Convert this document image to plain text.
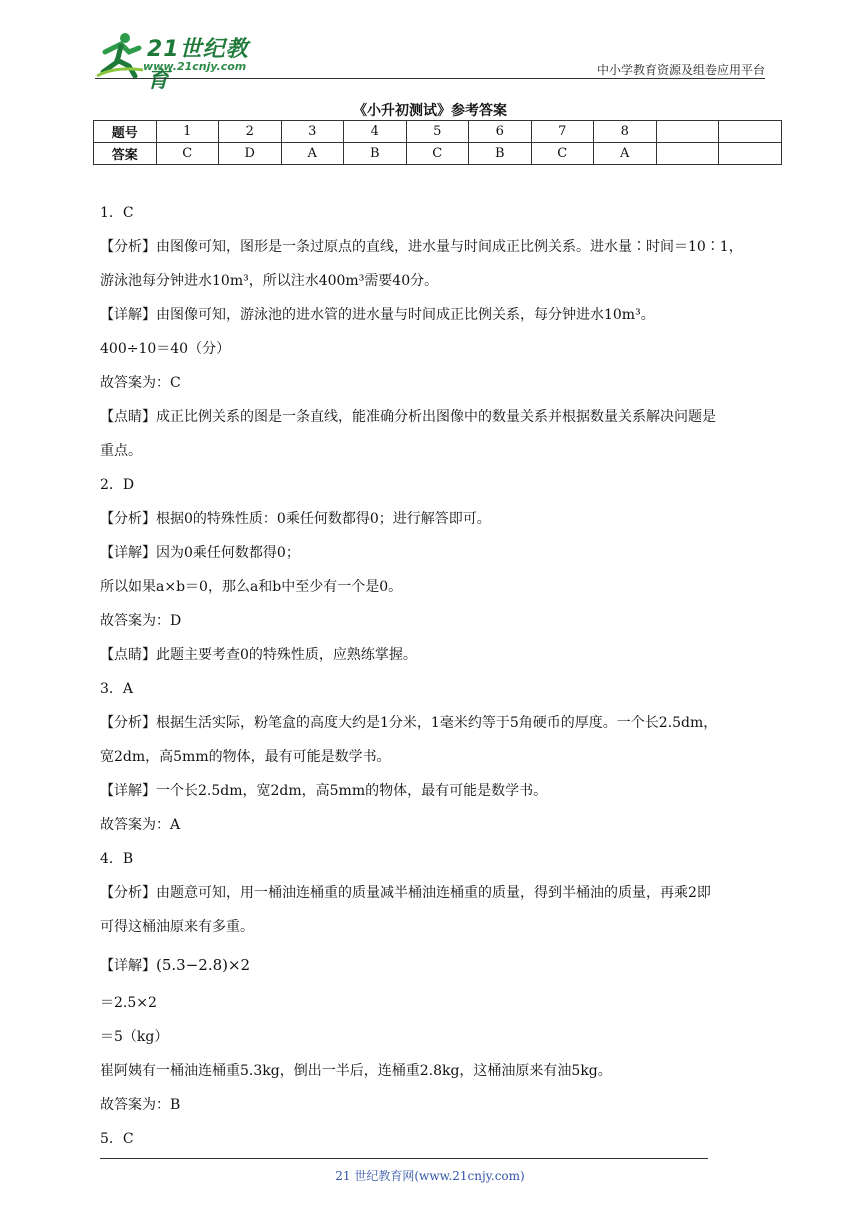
21世纪教育
www.21cnjy.com	中小学教育资源及组卷应用平台
《小升初测试》参考答案
题号	1	2	3	4	5	6	7	8		
答案	C	D	A	B	C	B	C	A		

1．C

【分析】由图像可知，图形是一条过原点的直线，进水量与时间成正比例关系。进水量∶时间＝10∶1，

游泳池每分钟进水10m³，所以注水400m³需要40分。

【详解】由图像可知，游泳池的进水管的进水量与时间成正比例关系，每分钟进水10m³。

400÷10＝40（分）

故答案为：C

【点睛】成正比例关系的图是一条直线，能准确分析出图像中的数量关系并根据数量关系解决问题是

重点。

2．D

【分析】根据0的特殊性质：0乘任何数都得0；进行解答即可。

【详解】因为0乘任何数都得0；

所以如果a×b＝0，那么a和b中至少有一个是0。

故答案为：D

【点睛】此题主要考查0的特殊性质，应熟练掌握。

3．A

【分析】根据生活实际，粉笔盒的高度大约是1分米，1毫米约等于5角硬币的厚度。一个长2.5dm，

宽2dm，高5mm的物体，最有可能是数学书。

【详解】一个长2.5dm，宽2dm，高5mm的物体，最有可能是数学书。

故答案为：A

4．B

【分析】由题意可知，用一桶油连桶重的质量减半桶油连桶重的质量，得到半桶油的质量，再乘2即

可得这桶油原来有多重。

【详解】(5.3−2.8)×2

＝2.5×2

＝5（kg）

崔阿姨有一桶油连桶重5.3kg，倒出一半后，连桶重2.8kg，这桶油原来有油5kg。

故答案为：B

5．C

21 世纪教育网(www.21cnjy.com)
